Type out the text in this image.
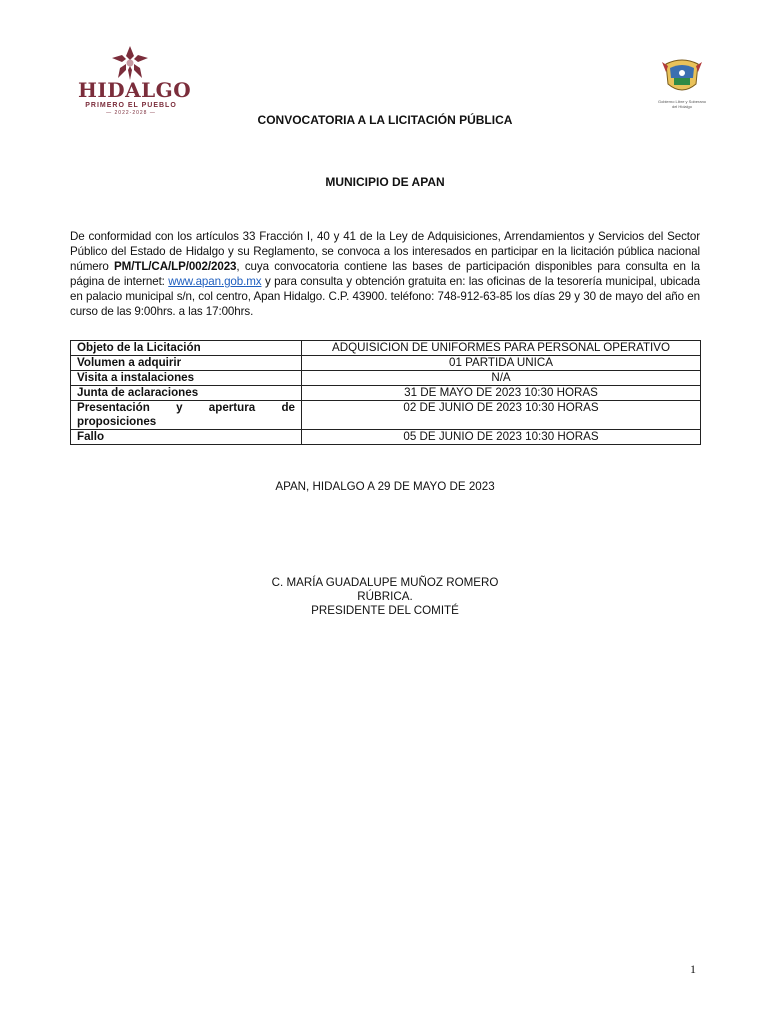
HIDALGO
PRIMERO EL PUEBLO
— 2022-2028 —
Gobierno Libre y Soberano
del Hidalgo
CONVOCATORIA A LA LICITACIÓN PÚBLICA
MUNICIPIO DE APAN

De conformidad con los artículos 33 Fracción I, 40 y 41 de la Ley de Adquisiciones, Arrendamientos y Servicios del Sector Público del Estado de Hidalgo y su Reglamento, se convoca a los interesados en participar en la licitación pública nacional número PM/TL/CA/LP/002/2023, cuya convocatoria contiene las bases de participación disponibles para consulta en la página de internet: www.apan.gob.mx y para consulta y obtención gratuita en: las oficinas de la tesorería municipal, ubicada en palacio municipal s/n, col centro, Apan Hidalgo. C.P. 43900. teléfono: 748-912-63-85 los días 29 y 30 de mayo del año en curso de las 9:00hrs. a las 17:00hrs.

Objeto de la Licitación	ADQUISICION DE UNIFORMES PARA PERSONAL OPERATIVO
Volumen a adquirir	01 PARTIDA UNICA
Visita a instalaciones	N/A
Junta de aclaraciones	31 DE MAYO DE 2023 10:30 HORAS

Presentación y apertura de
proposiciones	02 DE JUNIO DE 2023 10:30 HORAS
Fallo	05 DE JUNIO DE 2023 10:30 HORAS
APAN, HIDALGO A 29 DE MAYO DE 2023
C. MARÍA GUADALUPE MUÑOZ ROMERO
RÚBRICA.
PRESIDENTE DEL COMITÉ
1
